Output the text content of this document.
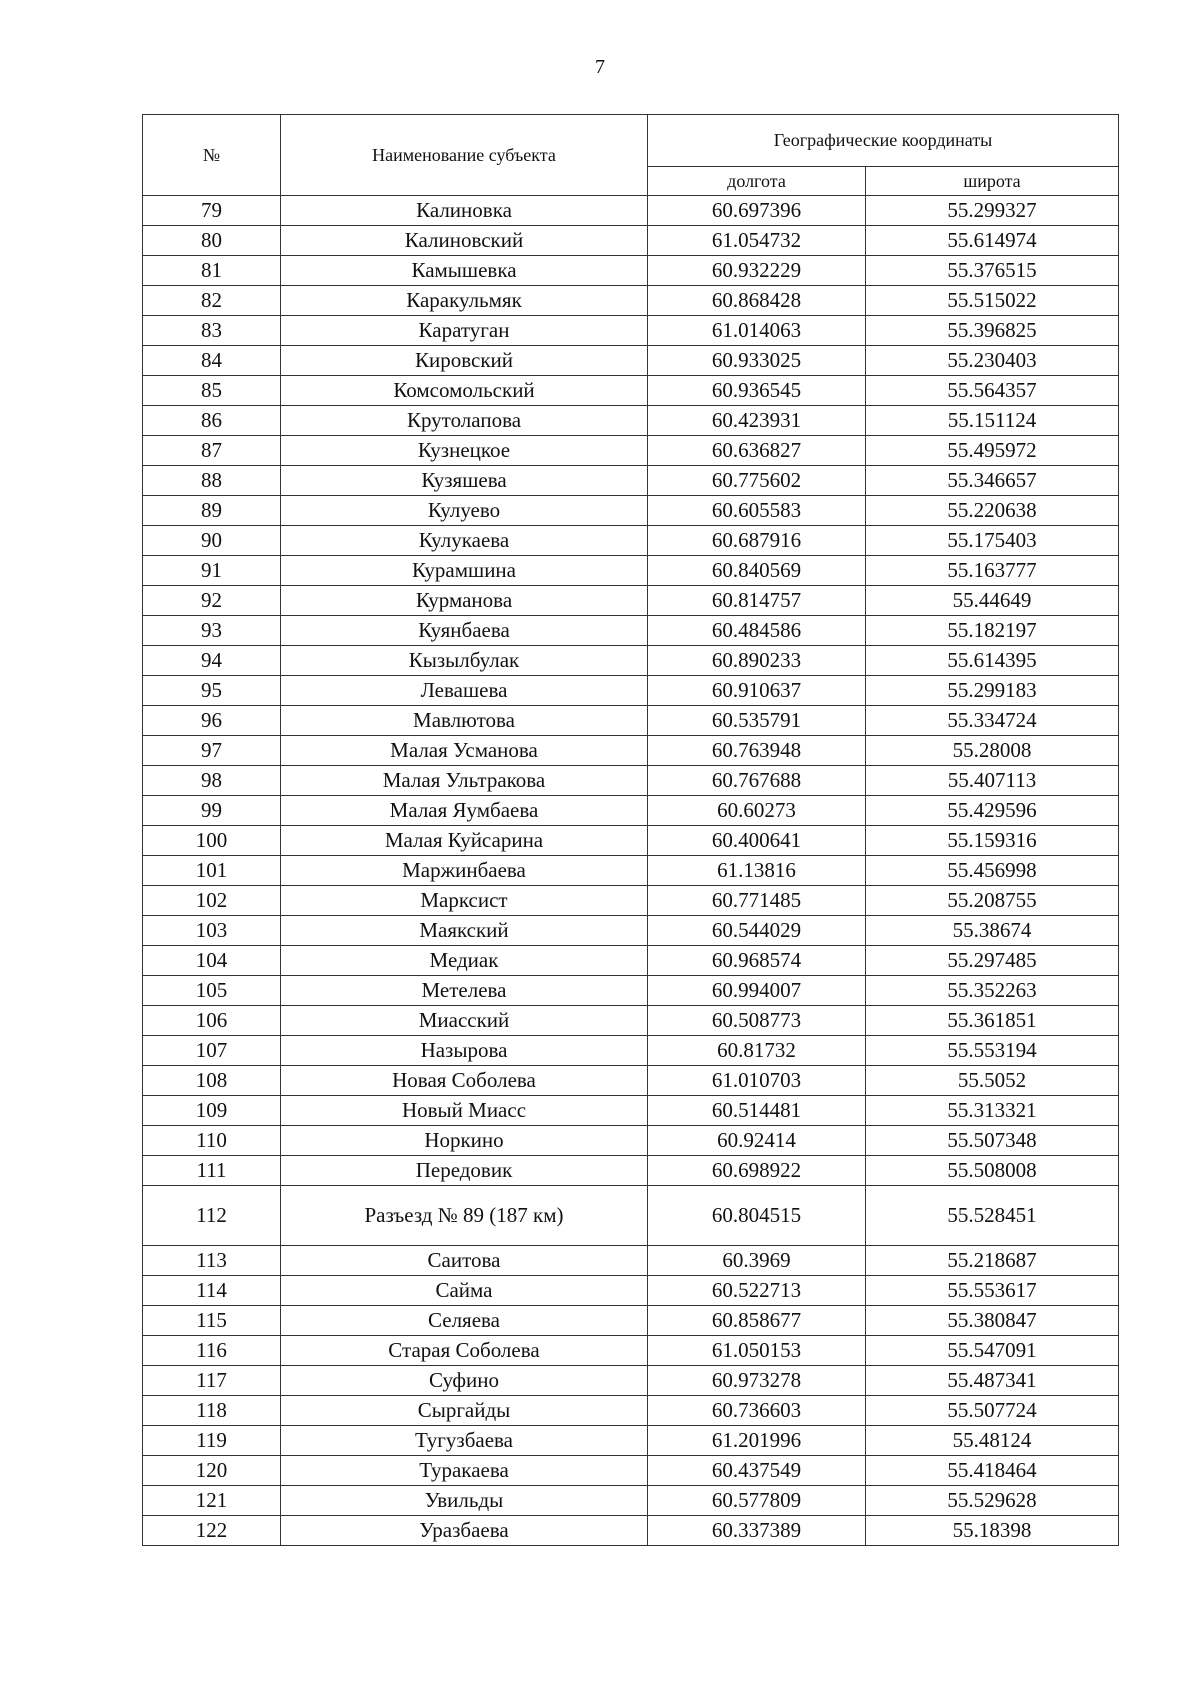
7
№	Наименование субъекта	Географические координаты	
		долгота	широта
79	Калиновка	60.697396	55.299327
80	Калиновский	61.054732	55.614974
81	Камышевка	60.932229	55.376515
82	Каракульмяк	60.868428	55.515022
83	Каратуган	61.014063	55.396825
84	Кировский	60.933025	55.230403
85	Комсомольский	60.936545	55.564357
86	Крутолапова	60.423931	55.151124
87	Кузнецкое	60.636827	55.495972
88	Кузяшева	60.775602	55.346657
89	Кулуево	60.605583	55.220638
90	Кулукаева	60.687916	55.175403
91	Курамшина	60.840569	55.163777
92	Курманова	60.814757	55.44649
93	Куянбаева	60.484586	55.182197
94	Кызылбулак	60.890233	55.614395
95	Левашева	60.910637	55.299183
96	Мавлютова	60.535791	55.334724
97	Малая Усманова	60.763948	55.28008
98	Малая Ультракова	60.767688	55.407113
99	Малая Яумбаева	60.60273	55.429596
100	Малая Куйсарина	60.400641	55.159316
101	Маржинбаева	61.13816	55.456998
102	Марксист	60.771485	55.208755
103	Маякский	60.544029	55.38674
104	Медиак	60.968574	55.297485
105	Метелева	60.994007	55.352263
106	Миасский	60.508773	55.361851
107	Назырова	60.81732	55.553194
108	Новая Соболева	61.010703	55.5052
109	Новый Миасс	60.514481	55.313321
110	Норкино	60.92414	55.507348
111	Передовик	60.698922	55.508008
112	Разъезд № 89 (187 км)	60.804515	55.528451
113	Саитова	60.3969	55.218687
114	Сайма	60.522713	55.553617
115	Селяева	60.858677	55.380847
116	Старая Соболева	61.050153	55.547091
117	Суфино	60.973278	55.487341
118	Сыргайды	60.736603	55.507724
119	Тугузбаева	61.201996	55.48124
120	Туракаева	60.437549	55.418464
121	Увильды	60.577809	55.529628
122	Уразбаева	60.337389	55.18398
